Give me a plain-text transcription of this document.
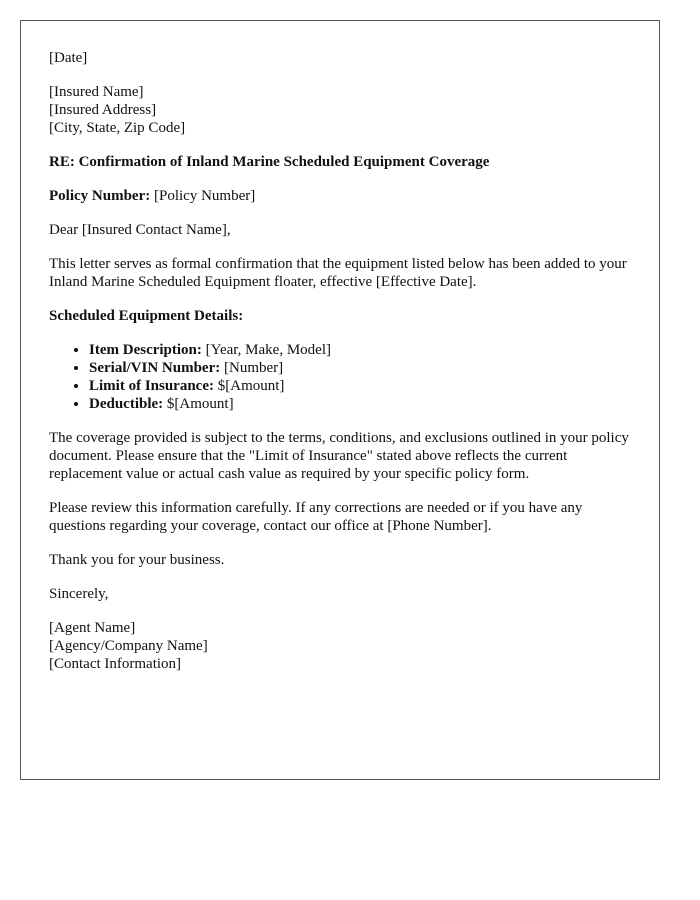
[Date]

[Insured Name]

[Insured Address]

[City, State, Zip Code]

RE: Confirmation of Inland Marine Scheduled Equipment Coverage

Policy Number: [Policy Number]

Dear [Insured Contact Name],

This letter serves as formal confirmation that the equipment listed below has been added to your Inland Marine Scheduled Equipment floater, effective [Effective Date].

Scheduled Equipment Details:

• Item Description: [Year, Make, Model]
• Serial/VIN Number: [Number]
• Limit of Insurance: $[Amount]
• Deductible: $[Amount]

The coverage provided is subject to the terms, conditions, and exclusions outlined in your policy document. Please ensure that the "Limit of Insurance" stated above reflects the current replacement value or actual cash value as required by your specific policy form.

Please review this information carefully. If any corrections are needed or if you have any questions regarding your coverage, contact our office at [Phone Number].

Thank you for your business.

Sincerely,

[Agent Name]

[Agency/Company Name]

[Contact Information]
